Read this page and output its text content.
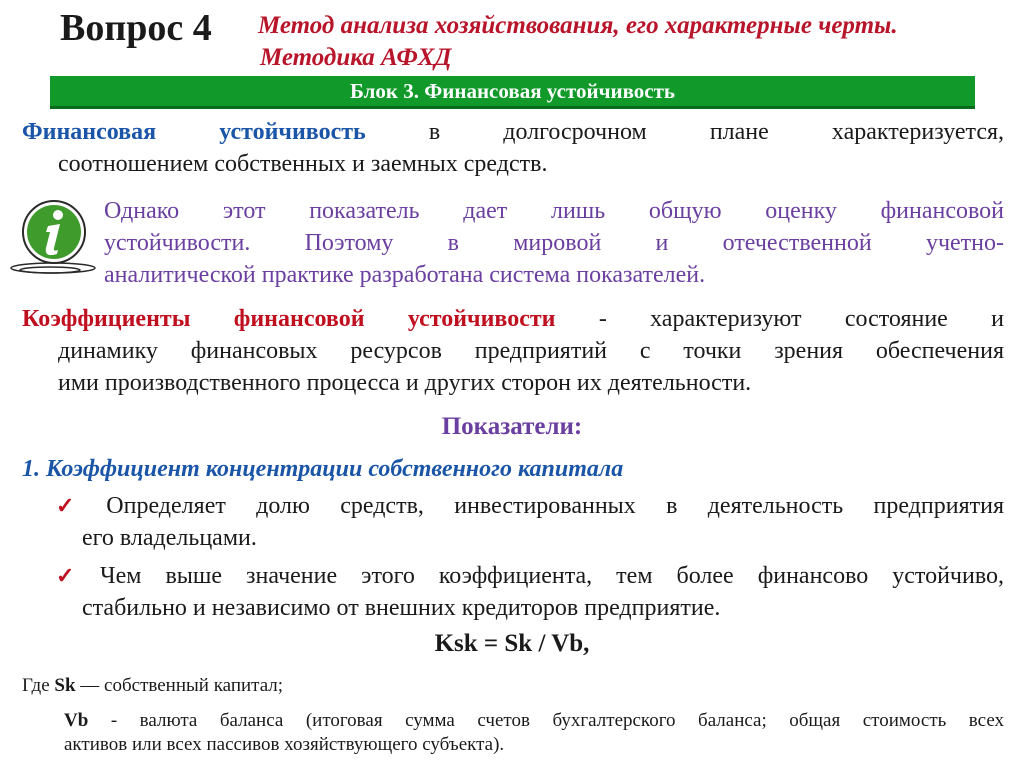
Вопрос 4 Метод анализа хозяйствования, его характерные черты.
Методика АФХД
Блок 3. Финансовая устойчивость
Финансовая устойчивость	в долгосрочном плане характеризуется,
соотношением собственных и заемных средств.
Однако этот показатель дает лишь общую оценку финансовой
устойчивости. Поэтому в мировой и отечественной учетно-
аналитической практике разработана система показателей.
Коэффициенты финансовой устойчивости - характеризуют состояние и
динамику финансовых ресурсов предприятий с точки зрения обеспечения
ими производственного процесса и других сторон их деятельности.
Показатели:
1. Коэффициент концентрации собственного капитала
✓ Определяет долю средств, инвестированных в деятельность предприятия
его владельцами.
✓ Чем выше значение этого коэффициента, тем более финансово устойчиво,
стабильно и независимо от внешних кредиторов предприятие.
Ksk = Sk / Vb,
Где Sk — собственный капитал;
Vb - валюта баланса (итоговая сумма счетов бухгалтерского баланса; общая стоимость всех
активов или всех пассивов хозяйствующего субъекта).
